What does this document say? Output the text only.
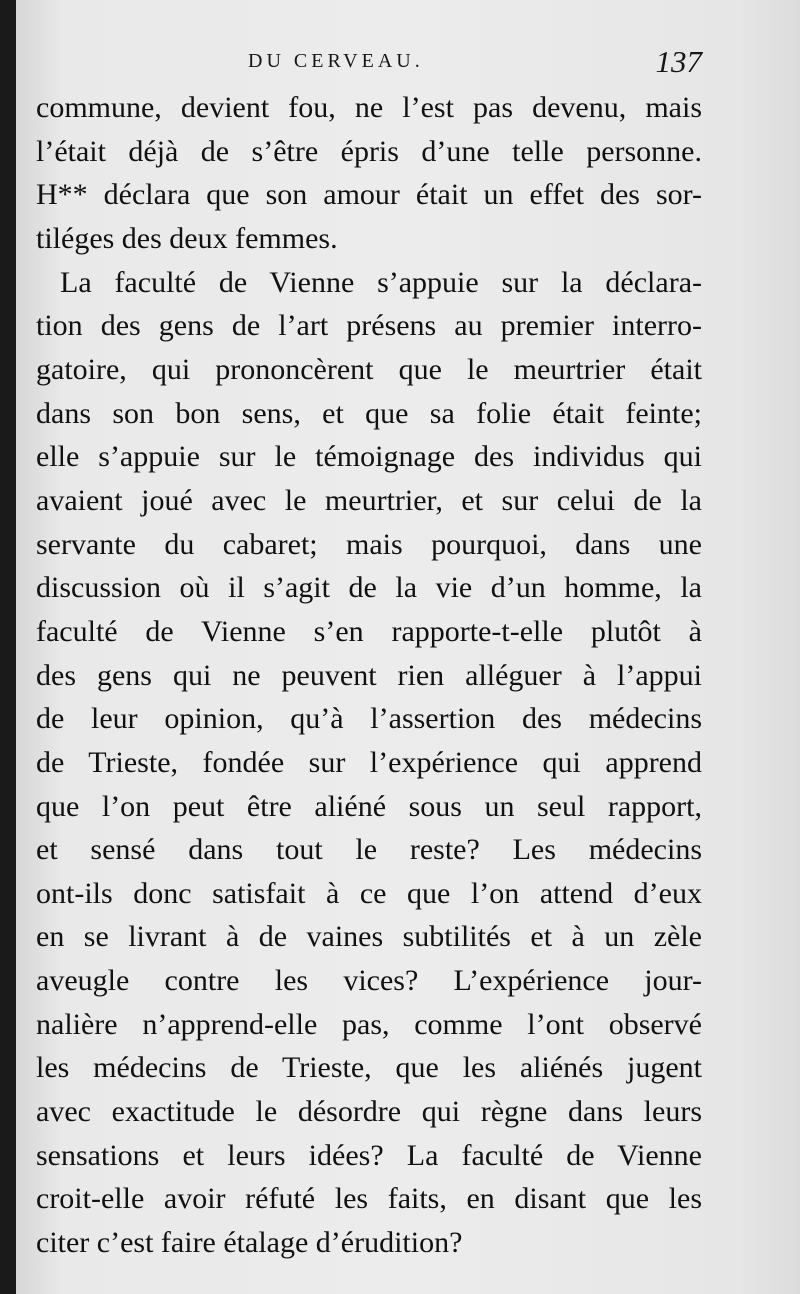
DU CERVEAU.	137
commune, devient fou, ne l’est pas devenu, mais
l’était déjà de s’être épris d’une telle personne.
H** déclara que son amour était un effet des sor-
tiléges des deux femmes.
La faculté de Vienne s’appuie sur la déclara-
tion des gens de l’art présens au premier interro-
gatoire, qui prononcèrent que le meurtrier était
dans son bon sens, et que sa folie était feinte;
elle s’appuie sur le témoignage des individus qui
avaient joué avec le meurtrier, et sur celui de la
servante du cabaret; mais pourquoi, dans une
discussion où il s’agit de la vie d’un homme, la
faculté de Vienne s’en rapporte-t-elle plutôt à
des gens qui ne peuvent rien alléguer à l’appui
de leur opinion, qu’à l’assertion des médecins
de Trieste, fondée sur l’expérience qui apprend
que l’on peut être aliéné sous un seul rapport,
et sensé dans tout le reste? Les médecins
ont-ils donc satisfait à ce que l’on attend d’eux
en se livrant à de vaines subtilités et à un zèle
aveugle contre les vices? L’expérience jour-
nalière n’apprend-elle pas, comme l’ont observé
les médecins de Trieste, que les aliénés jugent
avec exactitude le désordre qui règne dans leurs
sensations et leurs idées? La faculté de Vienne
croit-elle avoir réfuté les faits, en disant que les
citer c’est faire étalage d’érudition?
